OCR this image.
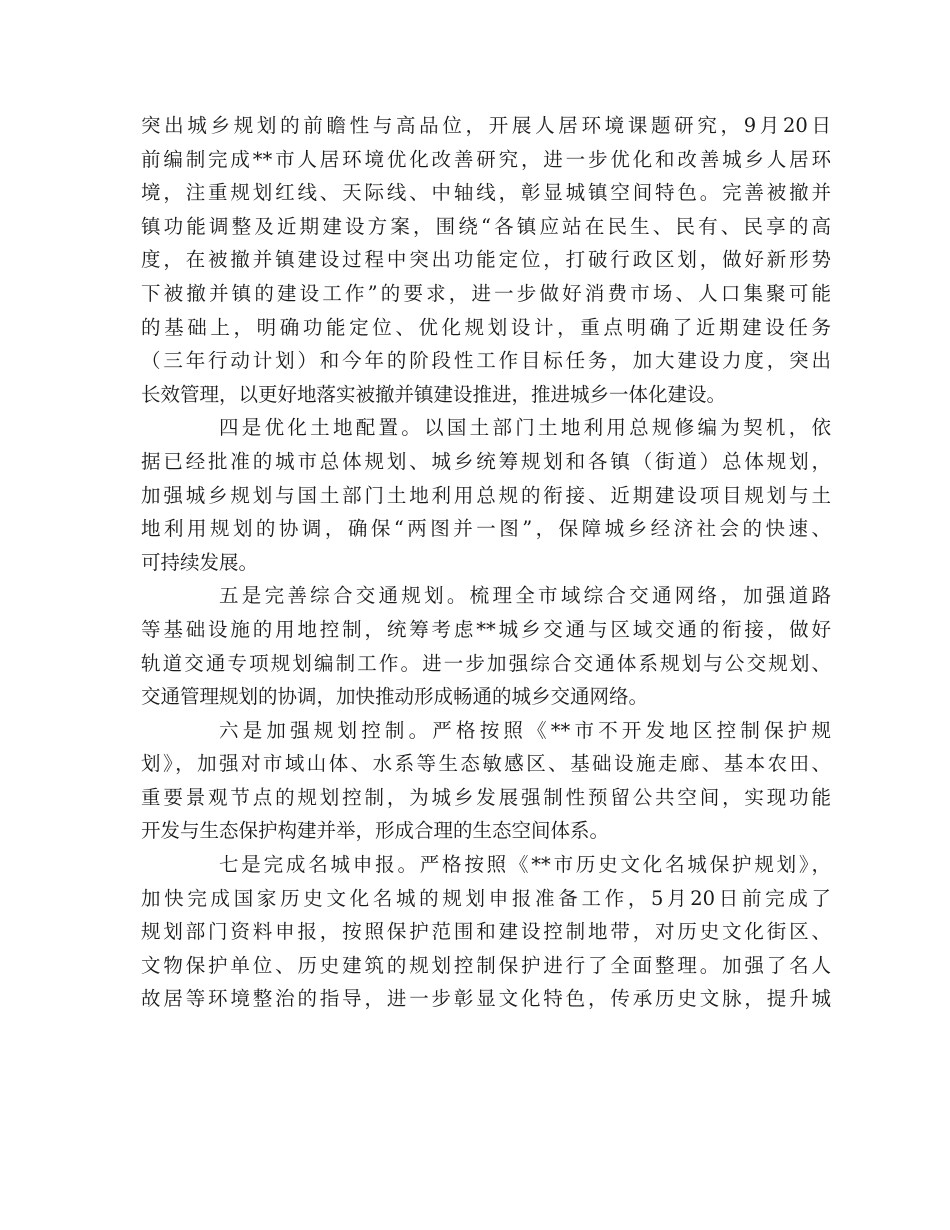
突出城乡规划的前瞻性与高品位，开展人居环境课题研究，9月20日
前编制完成**市人居环境优化改善研究，进一步优化和改善城乡人居环
境，注重规划红线、天际线、中轴线，彰显城镇空间特色。完善被撤并
镇功能调整及近期建设方案，围绕“各镇应站在民生、民有、民享的高
度，在被撤并镇建设过程中突出功能定位，打破行政区划，做好新形势
下被撤并镇的建设工作”的要求，进一步做好消费市场、人口集聚可能
的基础上，明确功能定位、优化规划设计，重点明确了近期建设任务
（三年行动计划）和今年的阶段性工作目标任务，加大建设力度，突出
长效管理，以更好地落实被撤并镇建设推进，推进城乡一体化建设。
四是优化土地配置。以国土部门土地利用总规修编为契机，依
据已经批准的城市总体规划、城乡统筹规划和各镇（街道）总体规划，
加强城乡规划与国土部门土地利用总规的衔接、近期建设项目规划与土
地利用规划的协调，确保“两图并一图”，保障城乡经济社会的快速、
可持续发展。
五是完善综合交通规划。梳理全市域综合交通网络，加强道路
等基础设施的用地控制，统筹考虑**城乡交通与区域交通的衔接，做好
轨道交通专项规划编制工作。进一步加强综合交通体系规划与公交规划、
交通管理规划的协调，加快推动形成畅通的城乡交通网络。
六是加强规划控制。严格按照《**市不开发地区控制保护规
划》，加强对市域山体、水系等生态敏感区、基础设施走廊、基本农田、
重要景观节点的规划控制，为城乡发展强制性预留公共空间，实现功能
开发与生态保护构建并举，形成合理的生态空间体系。
七是完成名城申报。严格按照《**市历史文化名城保护规划》，
加快完成国家历史文化名城的规划申报准备工作，5月20日前完成了
规划部门资料申报，按照保护范围和建设控制地带，对历史文化街区、
文物保护单位、历史建筑的规划控制保护进行了全面整理。加强了名人
故居等环境整治的指导，进一步彰显文化特色，传承历史文脉，提升城
